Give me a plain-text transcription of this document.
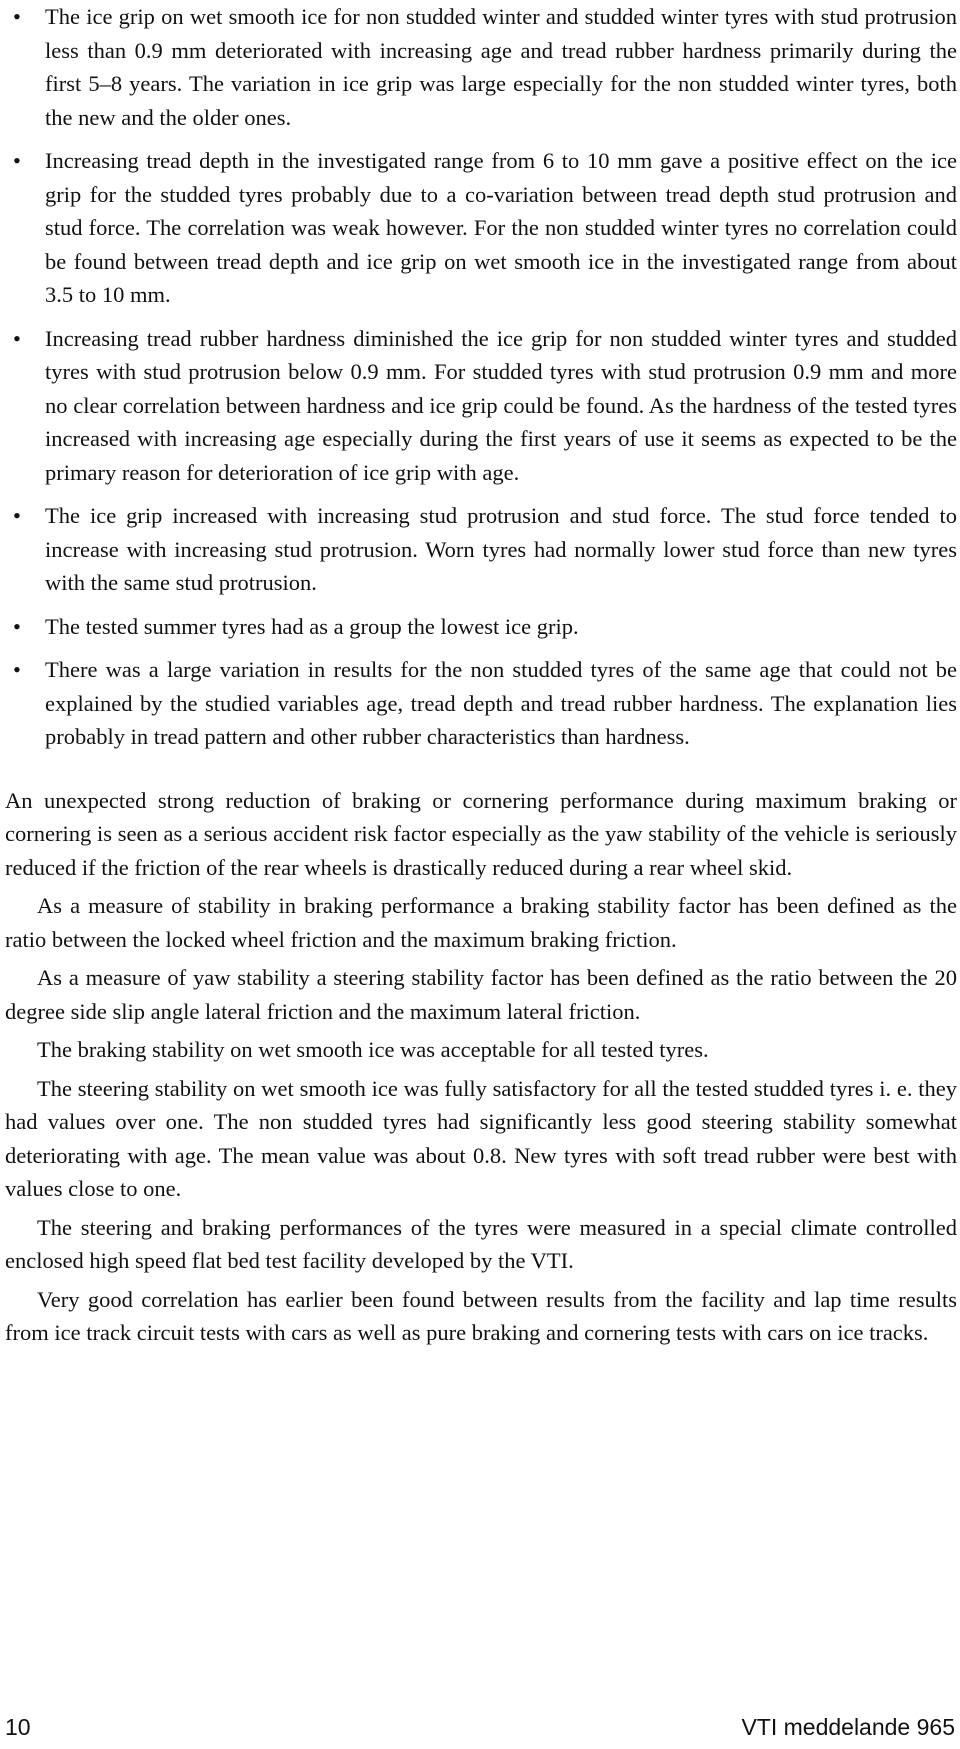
•	The ice grip on wet smooth ice for non studded winter and studded winter tyres with stud protrusion less than 0.9 mm deteriorated with increasing age and tread rubber hardness primarily during the first 5–8 years. The variation in ice grip was large especially for the non studded winter tyres, both the new and the older ones.
•	Increasing tread depth in the investigated range from 6 to 10 mm gave a positive effect on the ice grip for the studded tyres probably due to a co-variation between tread depth stud protrusion and stud force. The correlation was weak however. For the non studded winter tyres no correlation could be found between tread depth and ice grip on wet smooth ice in the investigated range from about 3.5 to 10 mm.
•	Increasing tread rubber hardness diminished the ice grip for non studded winter tyres and studded tyres with stud protrusion below 0.9 mm. For studded tyres with stud protrusion 0.9 mm and more no clear correlation between hardness and ice grip could be found. As the hardness of the tested tyres increased with increasing age especially during the first years of use it seems as expected to be the primary reason for deterioration of ice grip with age.
•	The ice grip increased with increasing stud protrusion and stud force. The stud force tended to increase with increasing stud protrusion. Worn tyres had normally lower stud force than new tyres with the same stud protrusion.
•	The tested summer tyres had as a group the lowest ice grip.
•	There was a large variation in results for the non studded tyres of the same age that could not be explained by the studied variables age, tread depth and tread rubber hardness. The explanation lies probably in tread pattern and other rubber characteristics than hardness.

An unexpected strong reduction of braking or cornering performance during maximum braking or cornering is seen as a serious accident risk factor especially as the yaw stability of the vehicle is seriously reduced if the friction of the rear wheels is drastically reduced during a rear wheel skid.

As a measure of stability in braking performance a braking stability factor has been defined as the ratio between the locked wheel friction and the maximum braking friction.

As a measure of yaw stability a steering stability factor has been defined as the ratio between the 20 degree side slip angle lateral friction and the maximum lateral friction.

The braking stability on wet smooth ice was acceptable for all tested tyres.

The steering stability on wet smooth ice was fully satisfactory for all the tested studded tyres i. e. they had values over one. The non studded tyres had significantly less good steering stability somewhat deteriorating with age. The mean value was about 0.8. New tyres with soft tread rubber were best with values close to one.

The steering and braking performances of the tyres were measured in a special climate controlled enclosed high speed flat bed test facility developed by the VTI.

Very good correlation has earlier been found between results from the facility and lap time results from ice track circuit tests with cars as well as pure braking and cornering tests with cars on ice tracks.

10	VTI meddelande 965
